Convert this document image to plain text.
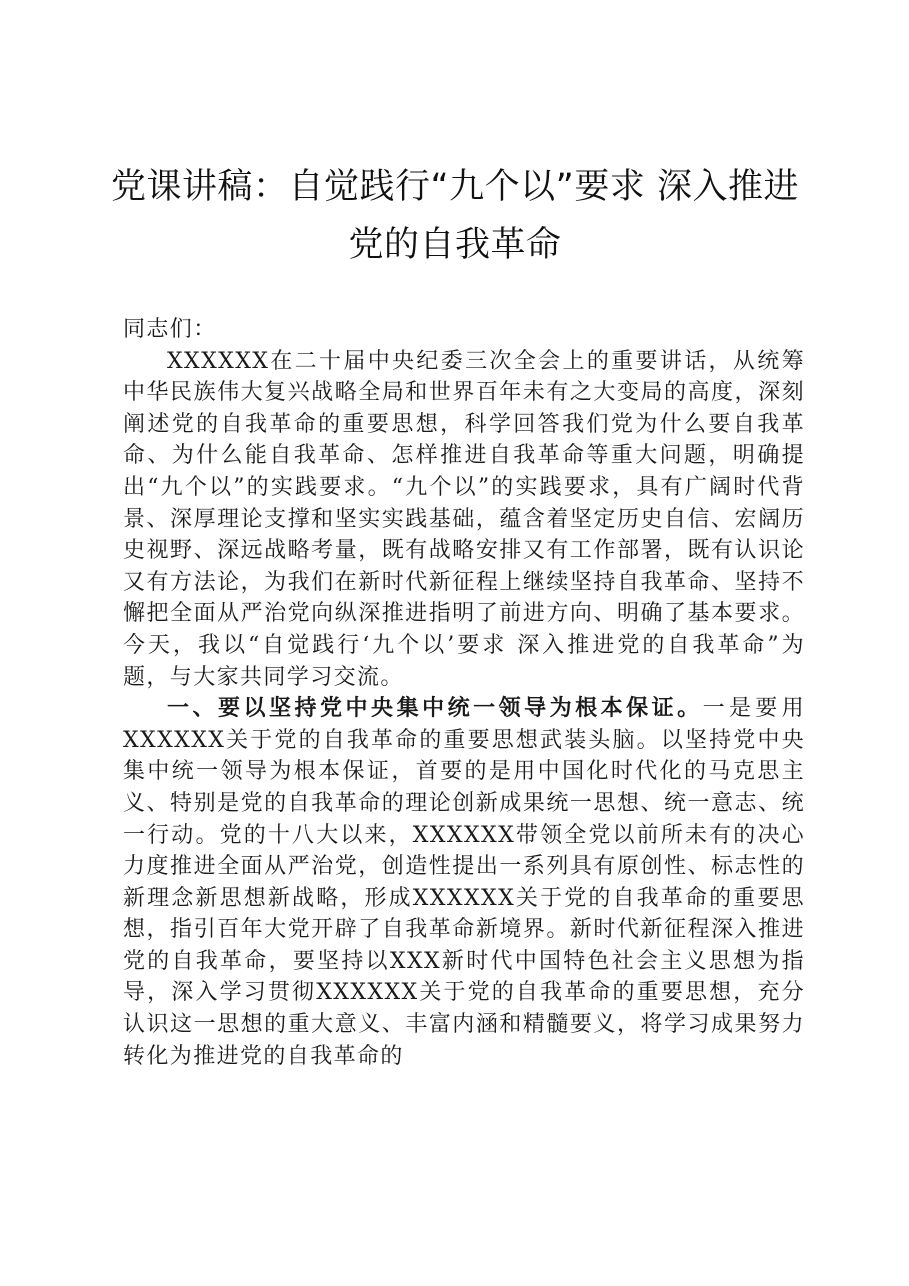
党课讲稿：自觉践行“九个以”要求 深入推进党的自我革命

同志们：

XXXXXX在二十届中央纪委三次全会上的重要讲话，从统筹中华民族伟大复兴战略全局和世界百年未有之大变局的高度，深刻阐述党的自我革命的重要思想，科学回答我们党为什么要自我革命、为什么能自我革命、怎样推进自我革命等重大问题，明确提出“九个以”的实践要求。“九个以”的实践要求，具有广阔时代背景、深厚理论支撑和坚实实践基础，蕴含着坚定历史自信、宏阔历史视野、深远战略考量，既有战略安排又有工作部署，既有认识论又有方法论，为我们在新时代新征程上继续坚持自我革命、坚持不懈把全面从严治党向纵深推进指明了前进方向、明确了基本要求。今天，我以“自觉践行‘九个以’要求 深入推进党的自我革命”为题，与大家共同学习交流。

一、要以坚持党中央集中统一领导为根本保证。一是要用XXXXXX关于党的自我革命的重要思想武装头脑。以坚持党中央集中统一领导为根本保证，首要的是用中国化时代化的马克思主义、特别是党的自我革命的理论创新成果统一思想、统一意志、统一行动。党的十八大以来，XXXXXX带领全党以前所未有的决心力度推进全面从严治党，创造性提出一系列具有原创性、标志性的新理念新思想新战略，形成XXXXXX关于党的自我革命的重要思想，指引百年大党开辟了自我革命新境界。新时代新征程深入推进党的自我革命，要坚持以XXX新时代中国特色社会主义思想为指导，深入学习贯彻XXXXXX关于党的自我革命的重要思想，充分认识这一思想的重大意义、丰富内涵和精髓要义，将学习成果努力转化为推进党的自我革命的
